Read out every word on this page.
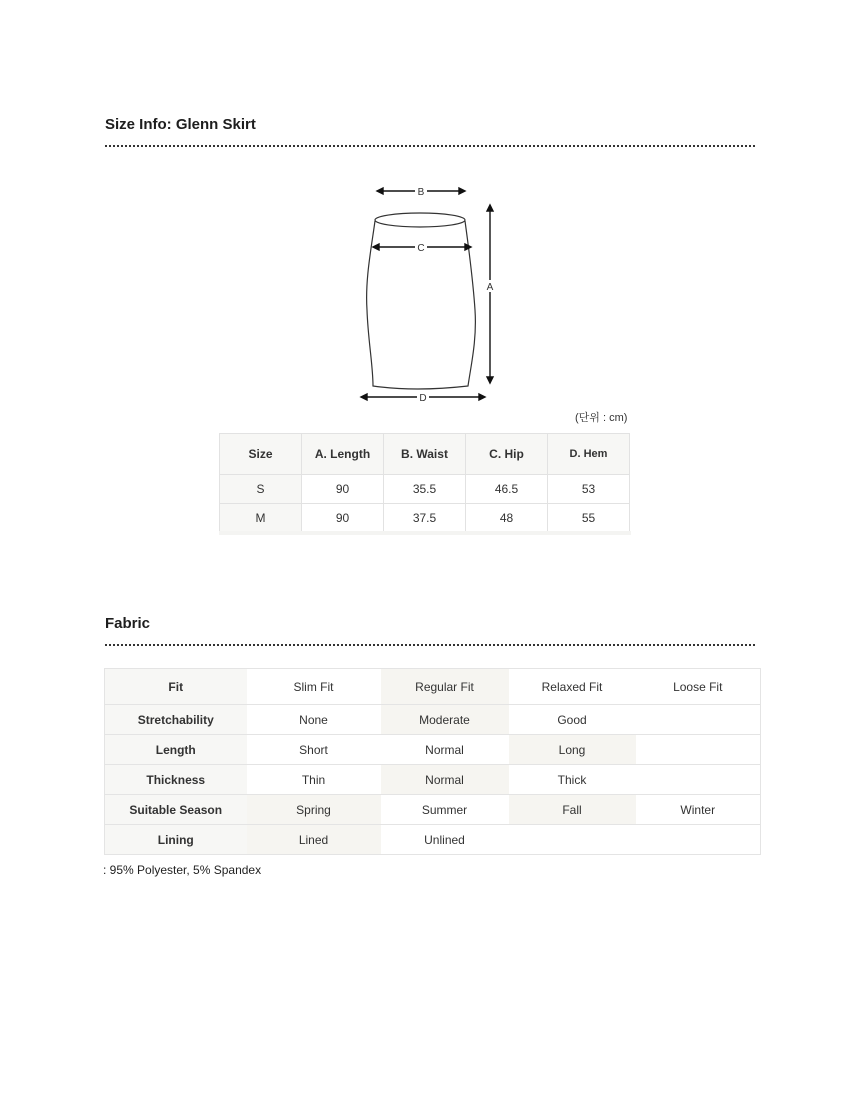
Size Info: Glenn Skirt
B
C
D
A
(단위 : cm)
Size	A. Length	B. Waist	C. Hip	D. Hem
S	90	35.5	46.5	53
M	90	37.5	48	55
Fabric
Fit	Slim Fit	Regular Fit	Relaxed Fit	Loose Fit
Stretchability	None	Moderate	Good	
Length	Short	Normal	Long	
Thickness	Thin	Normal	Thick	
Suitable Season	Spring	Summer	Fall	Winter
Lining	Lined	Unlined		
: 95% Polyester, 5% Spandex
